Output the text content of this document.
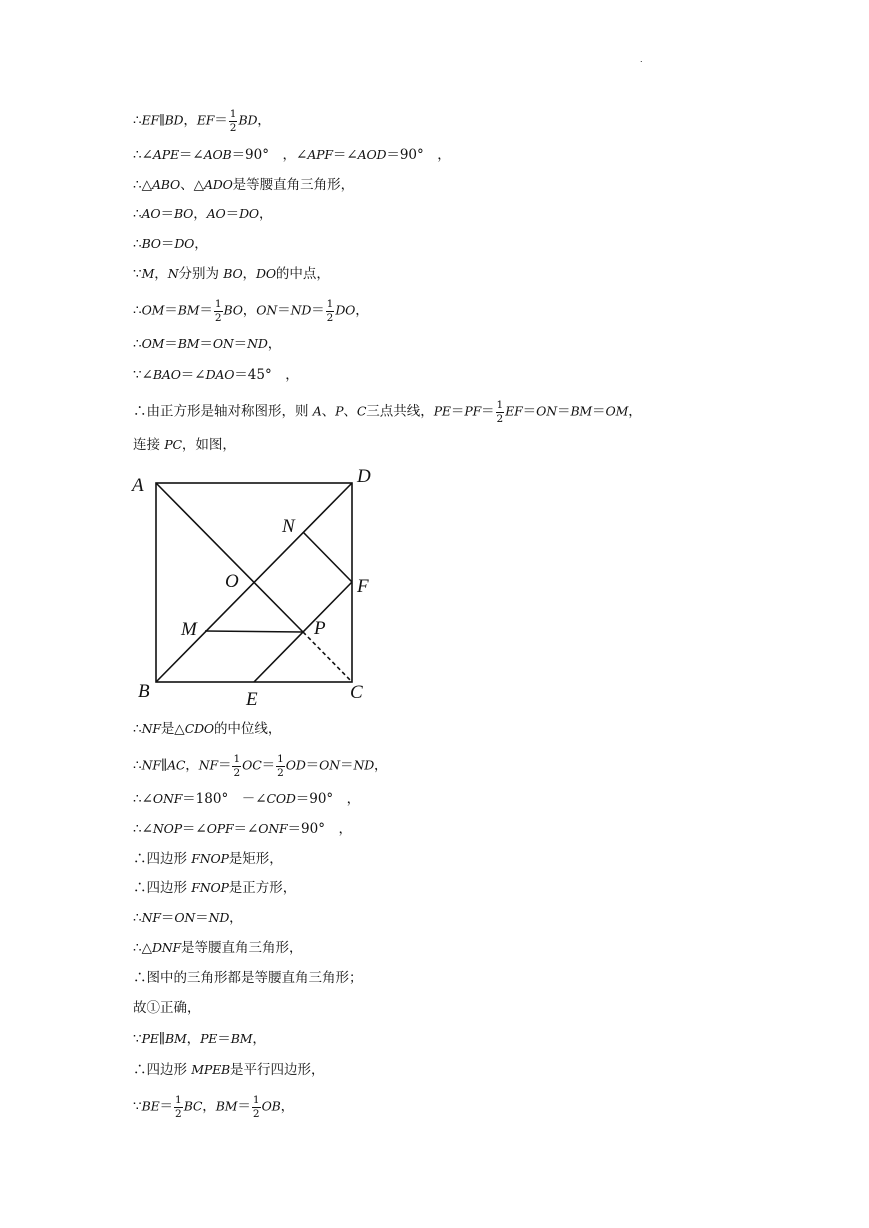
.
∴EF∥BD，$EF= \frac{1}{2}$ BD，
∴∠APE＝∠AOB＝90°　，∠APF＝∠AOD＝90°　，
∴△ABO、△ADO是等腰直角三角形，
∴AO＝BO，AO＝DO，
∴BO＝DO，
∵M，N分别为 BO，DO的中点，
∴OM＝BM＝ $\frac{1}{2}$ BO，$ON=ND= \frac{1}{2}$ DO，
∴OM＝BM＝ON＝ND，
∵∠BAO＝∠DAO＝45°　，
∴由正方形是轴对称图形，则 A、P、C三点共线，$PE=PF= \frac{1}{2} EF=ON=BM=OM$，
连接 PC，如图，
A	D
N
O	F
M	P
B	E	C
∴NF是△CDO的中位线，
∴NF∥AC，$NF= \frac{1}{2} OC= \frac{1}{2} OD=ON=ND$，
∴∠ONF＝180°　－∠COD＝90°　，
∴∠NOP＝∠OPF＝∠ONF＝90°　，
∴四边形 FNOP是矩形，
∴四边形 FNOP是正方形，
∴NF＝ON＝ND，
∴△DNF是等腰直角三角形，
∴图中的三角形都是等腰直角三角形；
故①正确，
∵PE∥BM，PE＝BM，
∴四边形 MPEB是平行四边形，
∵BE＝ $\frac{1}{2}$ BC，$BM= \frac{1}{2}$ OB，
